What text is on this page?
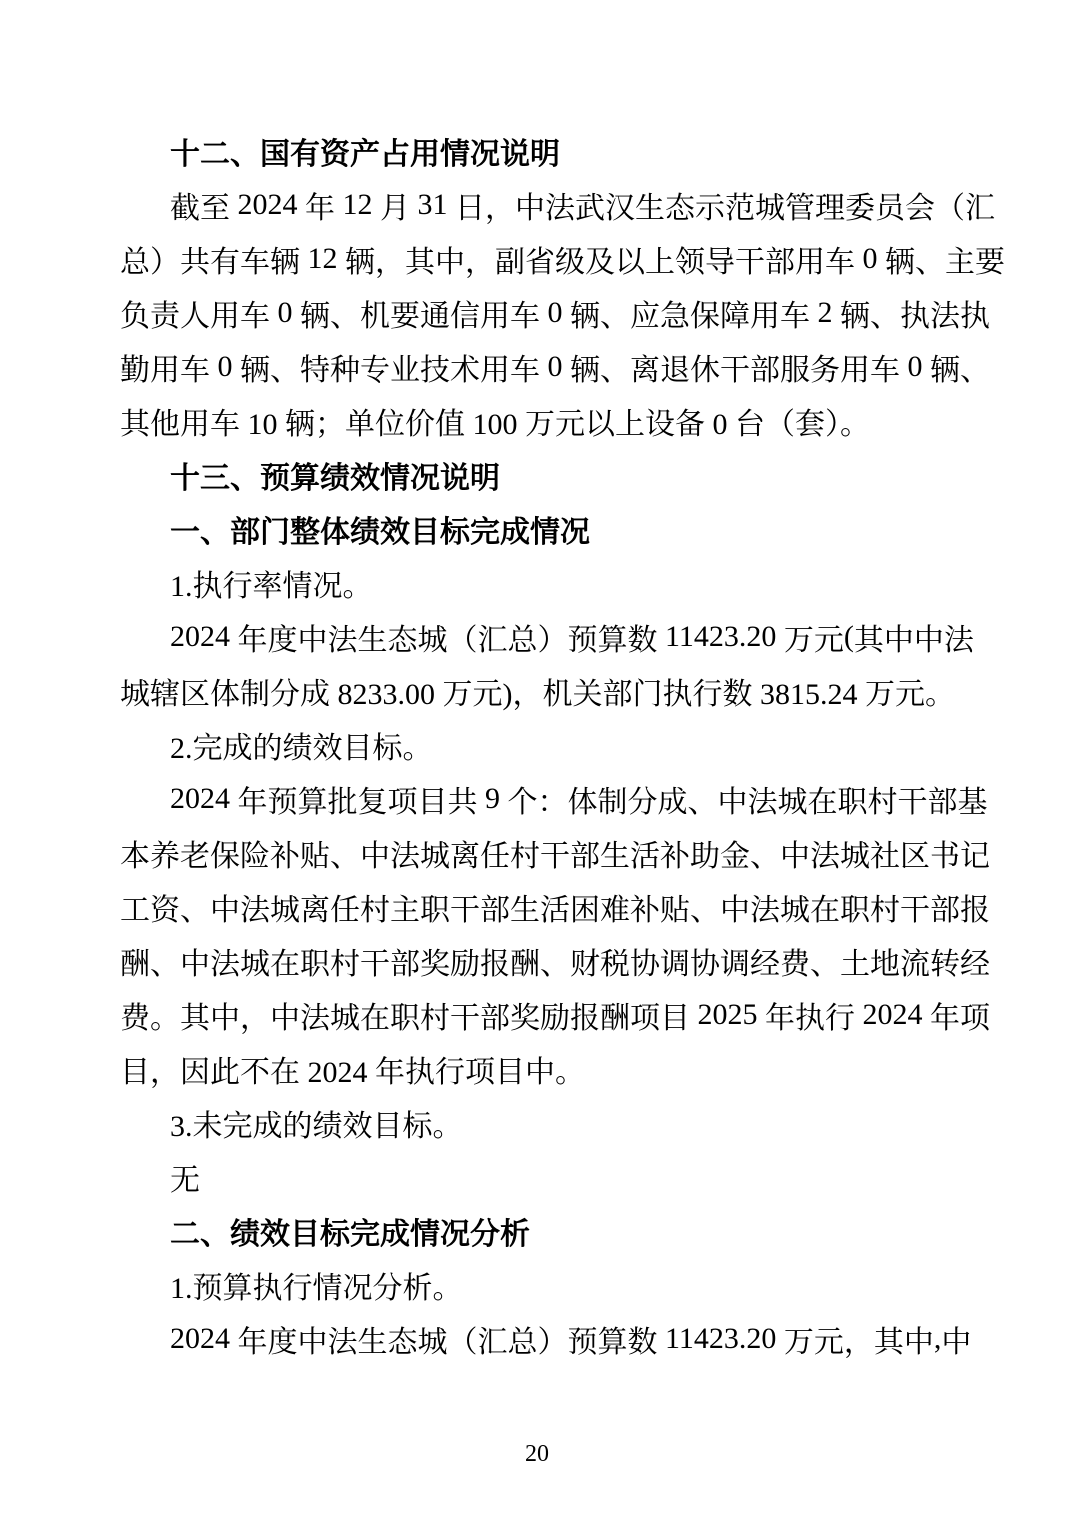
十二、国有资产占用情况说明
截 至 2024 年 12 月 31 日 ， 中 法 武 汉 生 态 示 范 城 管 理 委 员 会 （ 汇
总 ） 共 有 车 辆 12 辆 ， 其 中 ， 副 省 级 及 以 上 领 导 干 部 用 车 0 辆 、 主 要
负 责 人 用 车 0 辆 、 机 要 通 信 用 车 0 辆 、 应 急 保 障 用 车 2 辆 、 执 法 执
勤 用 车 0 辆 、 特 种 专 业 技 术 用 车 0 辆 、 离 退 休 干 部 服 务 用 车 0 辆 、
其他用车 10 辆；单位价值 100 万元以上设备 0 台（套）。
十三、预算绩效情况说明
一、部门整体绩效目标完成情况
1.执行率情况。
2024 年 度 中 法 生 态 城 （ 汇 总 ） 预 算 数 11423.20 万 元 ( 其 中 中 法
城辖区体制分成 8233.00 万元)，机关部门执行数 3815.24 万元。
2.完成的绩效目标。
2024 年 预 算 批 复 项 目 共 9 个 ： 体 制 分 成 、 中 法 城 在 职 村 干 部 基
本 养 老 保 险 补 贴 、 中 法 城 离 任 村 干 部 生 活 补 助 金 、 中 法 城 社 区 书 记
工 资 、 中 法 城 离 任 村 主 职 干 部 生 活 困 难 补 贴 、 中 法 城 在 职 村 干 部 报
酬 、 中 法 城 在 职 村 干 部 奖 励 报 酬 、 财 税 协 调 协 调 经 费 、 土 地 流 转 经
费 。 其 中 ， 中 法 城 在 职 村 干 部 奖 励 报 酬 项 目 2025 年 执 行 2024 年 项
目，因此不在 2024 年执行项目中。
3.未完成的绩效目标。
无
二、绩效目标完成情况分析
1.预算执行情况分析。
2024 年 度 中 法 生 态 城 （ 汇 总 ） 预 算 数 11423.20 万 元 ， 其 中 , 中
20
